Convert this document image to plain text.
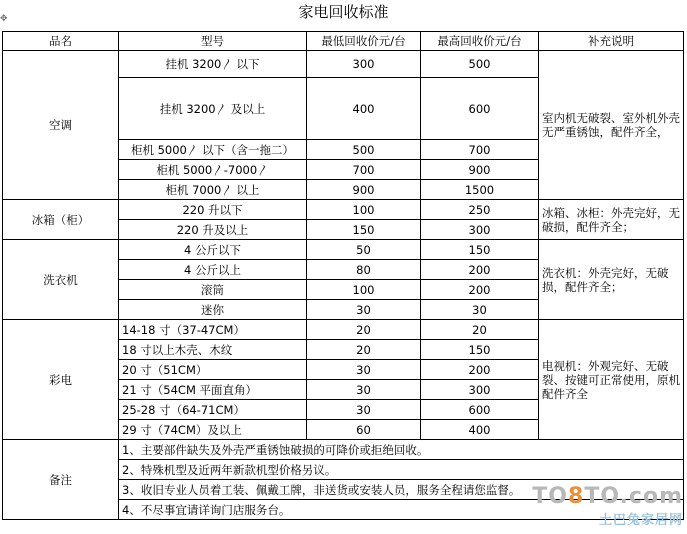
✥	家电回收标准
品名	型号	最低回收价元/台	最高回收价元/台	补充说明
空调	挂机 3200〳 以下	300	500	室内机无破裂、室外机外壳无严重锈蚀，配件齐全，
	挂机 3200〳 及以上	400	600	
	柜机 5000〳 以下（含一拖二）	500	700	
	柜机 5000〳-7000〳	700	900	
	柜机 7000〳 以上	900	1500	
冰箱（柜）	220 升以下	100	250	冰箱、冰柜：外壳完好，无破损，配件齐全；
	220 升及以上	150	300	
洗衣机	4 公斤以下	50	150	洗衣机：外壳完好，无破损，配件齐全；
	4 公斤以上	80	200	
	滚筒	100	200	
	迷你	30	30	
彩电	14-18 寸（37-47CM）	20	20	电视机：外观完好、无破裂、按键可正常使用，原机配件齐全
	18 寸以上木壳、木纹	20	150	
	20 寸（51CM）	30	200	
	21 寸（54CM 平面直角）	30	300	
	25-28 寸（64-71CM）	30	600	
	29 寸（74CM）及以上	60	400	
备注	1、主要部件缺失及外壳严重锈蚀破损的可降价或拒绝回收。			
	2、特殊机型及近两年新款机型价格另议。			
	3、收旧专业人员着工装、佩戴工牌，非送货或安装人员，服务全程请您监督。			
	4、不尽事宜请详询门店服务台。			
TO8TO.com
土巴兔家居网
